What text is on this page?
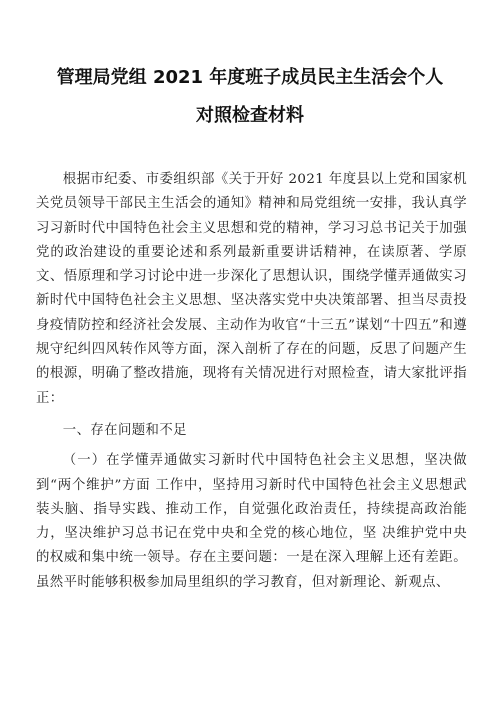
管理局党组 2021 年度班子成员民主生活会个人
对照检查材料

根据市纪委、市委组织部《关于开好 2021 年度县以上党和国家机关党员领导干部民主生活会的通知》精神和局党组统一安排，我认真学习习新时代中国特色社会主义思想和党的精神，学习习总书记关于加强党的政治建设的重要论述和系列最新重要讲话精神，在读原著、学原文、悟原理和学习讨论中进一步深化了思想认识，围绕学懂弄通做实习新时代中国特色社会主义思想、坚决落实党中央决策部署、担当尽责投身疫情防控和经济社会发展、主动作为收官“十三五”谋划“十四五”和遵规守纪纠四风转作风等方面，深入剖析了存在的问题，反思了问题产生的根源，明确了整改措施，现将有关情况进行对照检查，请大家批评指正：

一、存在问题和不足

（一）在学懂弄通做实习新时代中国特色社会主义思想，坚决做到“两个维护”方面 工作中，坚持用习新时代中国特色社会主义思想武装头脑、指导实践、推动工作，自觉强化政治责任，持续提高政治能力，坚决维护习总书记在党中央和全党的核心地位，坚 决维护党中央的权威和集中统一领导。存在主要问题：一是在深入理解上还有差距。虽然平时能够积极参加局里组织的学习教育，但对新理论、新观点、
